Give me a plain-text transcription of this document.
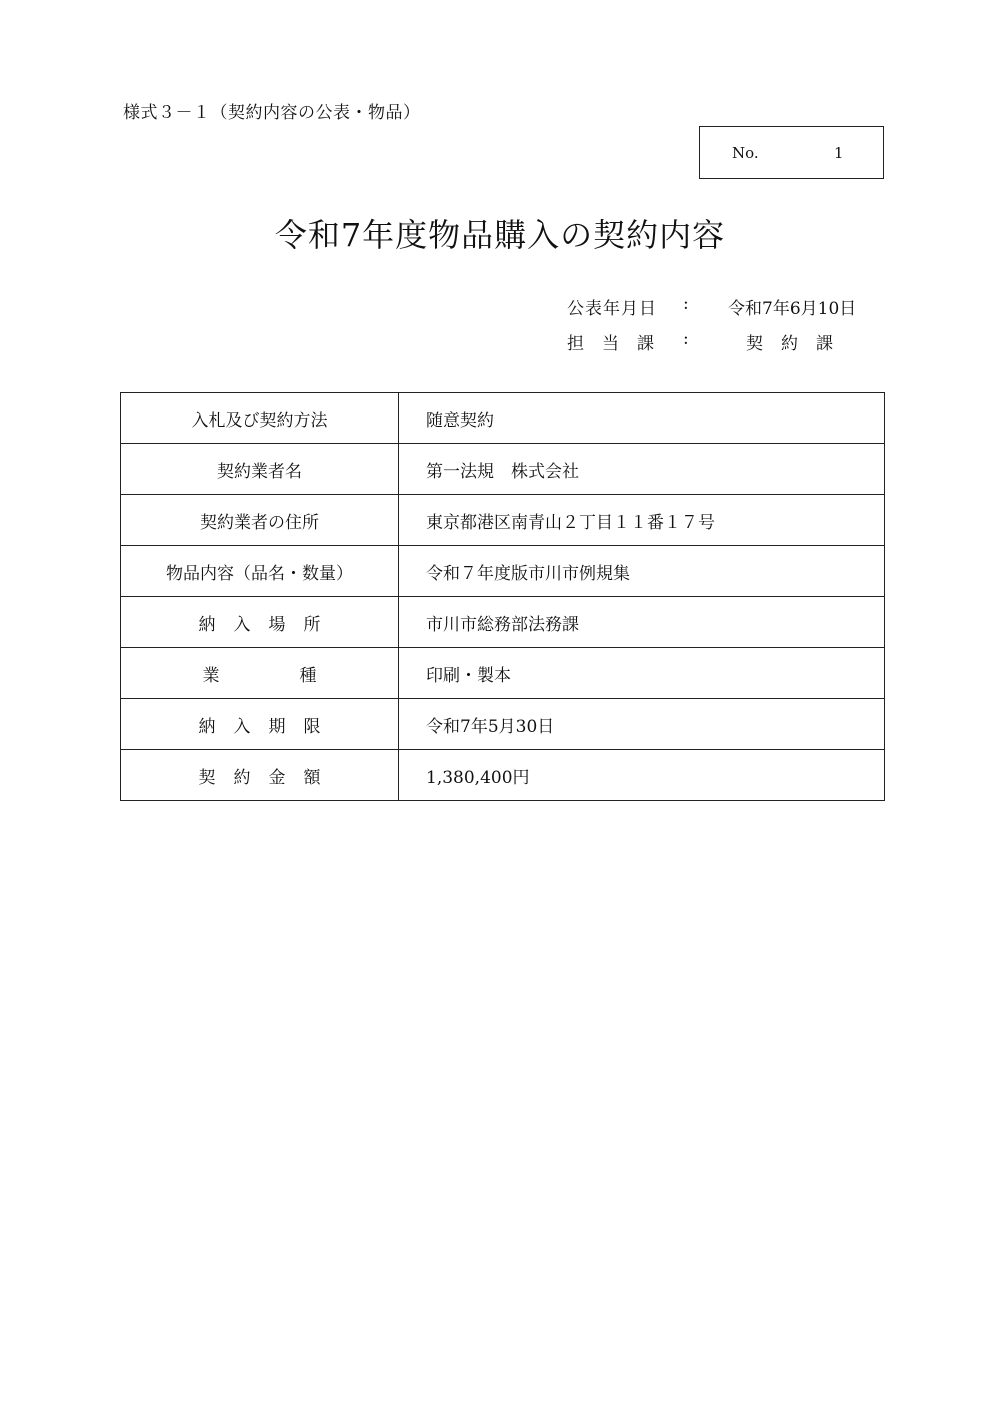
様式３－１（契約内容の公表・物品）
No.	1
令和7年度物品購入の契約内容
公表年月日 : 令和7年6月10日
担当課 :	契約課
入札及び契約方法	随意契約
契約業者名	第一法規　株式会社
契約業者の住所	東京都港区南青山２丁目１１番１７号
物品内容（品名・数量）	令和７年度版市川市例規集
納入場所	市川市総務部法務課
業種	印刷・製本
納入期限	令和7年5月30日
契約金額	1,380,400円
